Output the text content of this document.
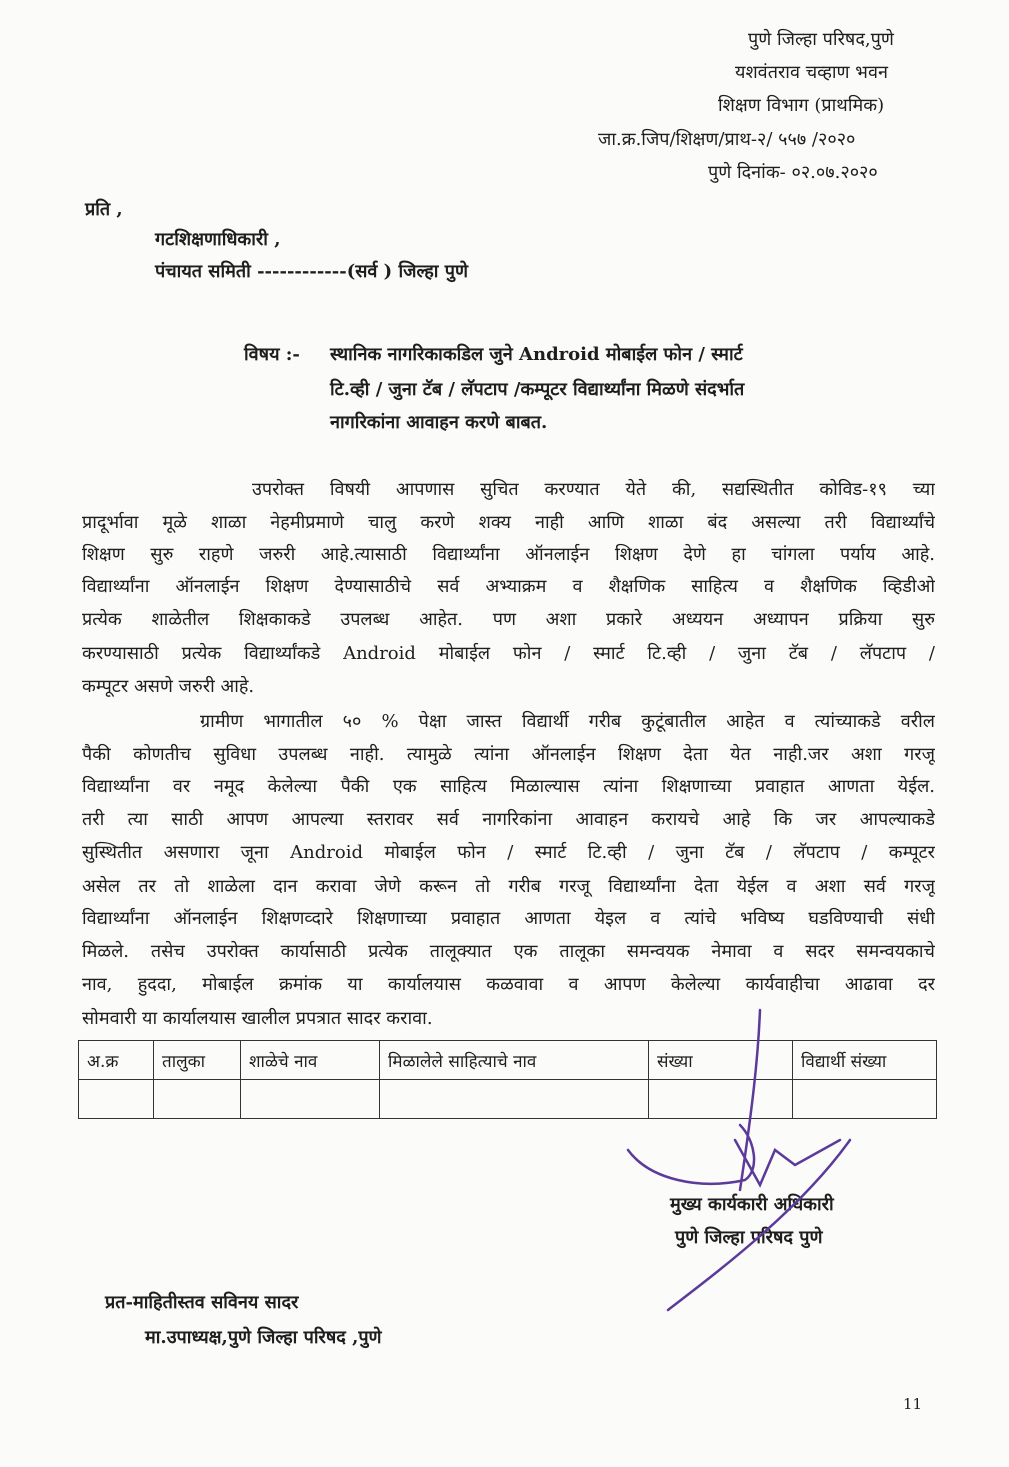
पुणे जिल्हा परिषद,पुणे
यशवंतराव चव्हाण भवन
शिक्षण विभाग (प्राथमिक)
जा.क्र.जिप/शिक्षण/प्राथ-२/ ५५७ /२०२०
पुणे दिनांक- ०२.०७.२०२०
प्रति ,
गटशिक्षणाधिकारी ,
पंचायत समिती ------------(सर्व ) जिल्हा पुणे
विषय :- स्थानिक नागरिकाकडिल जुने Android मोबाईल फोन / स्मार्ट
टि.व्ही / जुना टॅब / लॅपटाप /कम्पूटर विद्यार्थ्यांना मिळणे संदर्भात
नागरिकांना आवाहन करणे बाबत.
उपरोक्त विषयी आपणास सुचित करण्यात येते की, सद्यस्थितीत कोविड-१९ च्या
प्रादूर्भावा मूळे शाळा नेहमीप्रमाणे चालु करणे शक्य नाही आणि शाळा बंद असल्या तरी विद्यार्थ्यांचे
शिक्षण सुरु राहणे जरुरी आहे.त्यासाठी विद्यार्थ्यांना ऑनलाईन शिक्षण देणे हा चांगला पर्याय आहे.
विद्यार्थ्यांना ऑनलाईन शिक्षण देण्यासाठीचे सर्व अभ्याक्रम व शैक्षणिक साहित्य व शैक्षणिक व्हिडीओ
प्रत्येक शाळेतील शिक्षकाकडे उपलब्ध आहेत. पण अशा प्रकारे अध्ययन अध्यापन प्रक्रिया सुरु
करण्यासाठी प्रत्येक विद्यार्थ्यांकडे Android मोबाईल फोन / स्मार्ट टि.व्ही / जुना टॅब / लॅपटाप /
कम्पूटर असणे जरुरी आहे.
ग्रामीण भागातील ५० % पेक्षा जास्त विद्यार्थी गरीब कुटूंबातील आहेत व त्यांच्याकडे वरील
पैकी कोणतीच सुविधा उपलब्ध नाही. त्यामुळे त्यांना ऑनलाईन शिक्षण देता येत नाही.जर अशा गरजू
विद्यार्थ्यांना वर नमूद केलेल्या पैकी एक साहित्य मिळाल्यास त्यांना शिक्षणाच्या प्रवाहात आणता येईल.
तरी त्या साठी आपण आपल्या स्तरावर सर्व नागरिकांना आवाहन करायचे आहे कि जर आपल्याकडे
सुस्थितीत असणारा जूना Android मोबाईल फोन / स्मार्ट टि.व्ही / जुना टॅब / लॅपटाप / कम्पूटर
असेल तर तो शाळेला दान करावा जेणे करून तो गरीब गरजू विद्यार्थ्यांना देता येईल व अशा सर्व गरजू
विद्यार्थ्यांना ऑनलाईन शिक्षणव्दारे शिक्षणाच्या प्रवाहात आणता येइल व त्यांचे भविष्य घडविण्याची संधी
मिळले. तसेच उपरोक्त कार्यासाठी प्रत्येक तालूक्यात एक तालूका समन्वयक नेमावा व सदर समन्वयकाचे
नाव, हुददा, मोबाईल क्रमांक या कार्यालयास कळवावा व आपण केलेल्या कार्यवाहीचा आढावा दर
सोमवारी या कार्यालयास खालील प्रपत्रात सादर करावा.
अ.क्र	तालुका	शाळेचे नाव	मिळालेले साहित्याचे नाव	संख्या	विद्यार्थी संख्या

मुख्य कार्यकारी अधिकारी
पुणे जिल्हा परिषद पुणे
प्रत-माहितीस्तव सविनय सादर
मा.उपाध्यक्ष,पुणे जिल्हा परिषद ,पुणे
11
